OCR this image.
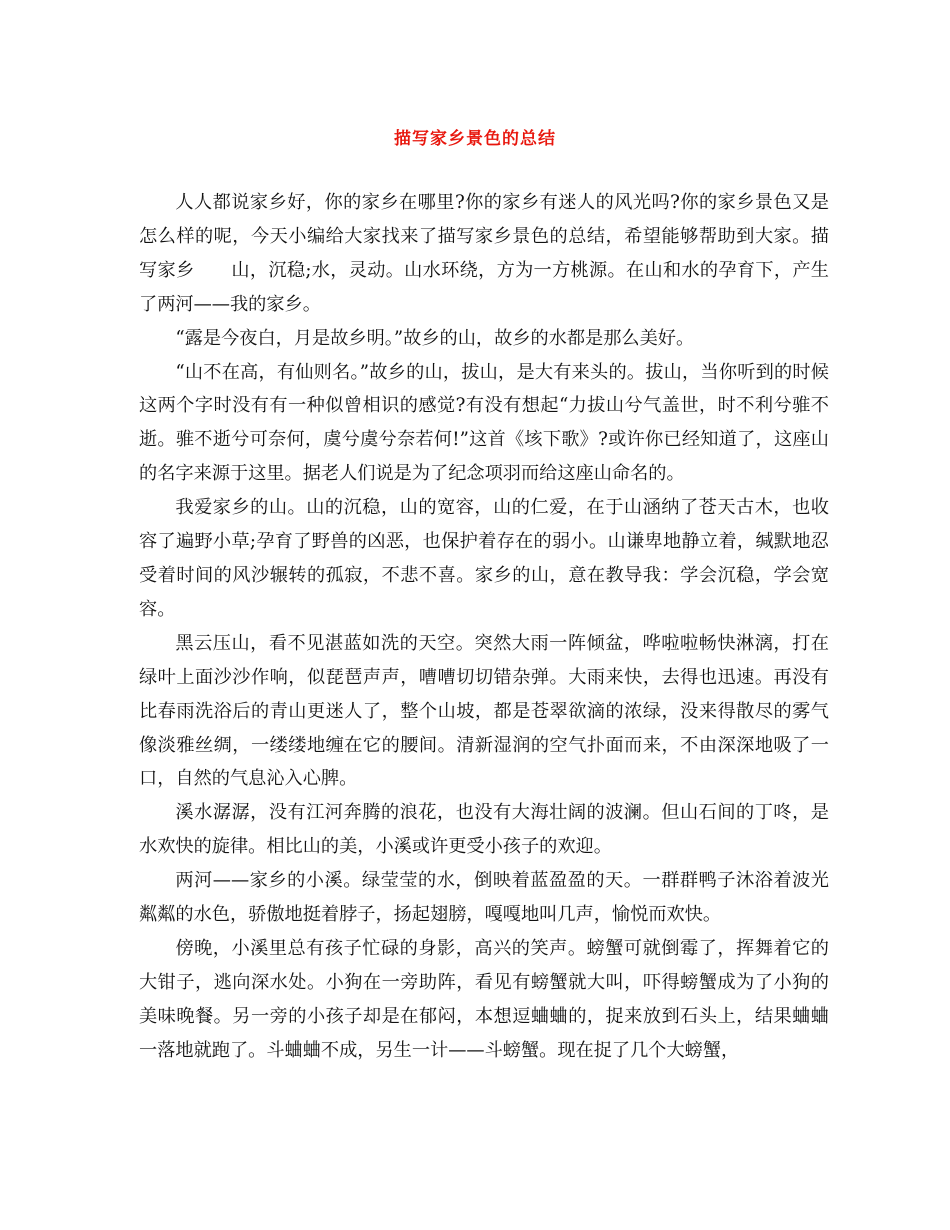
描写家乡景色的总结

人人都说家乡好，你的家乡在哪里?你的家乡有迷人的风光吗?你的家乡景色又是怎么样的呢，今天小编给大家找来了描写家乡景色的总结，希望能够帮助到大家。描写家乡　　山，沉稳;水，灵动。山水环绕，方为一方桃源。在山和水的孕育下，产生了两河——我的家乡。

“露是今夜白，月是故乡明。”故乡的山，故乡的水都是那么美好。

“山不在高，有仙则名。”故乡的山，拔山，是大有来头的。拔山，当你听到的时候这两个字时没有有一种似曾相识的感觉?有没有想起“力拔山兮气盖世，时不利兮骓不逝。骓不逝兮可奈何，虞兮虞兮奈若何!”这首《垓下歌》?或许你已经知道了，这座山的名字来源于这里。据老人们说是为了纪念项羽而给这座山命名的。

我爱家乡的山。山的沉稳，山的宽容，山的仁爱，在于山涵纳了苍天古木，也收容了遍野小草;孕育了野兽的凶恶，也保护着存在的弱小。山谦卑地静立着，缄默地忍受着时间的风沙辗转的孤寂，不悲不喜。家乡的山，意在教导我：学会沉稳，学会宽容。

黑云压山，看不见湛蓝如洗的天空。突然大雨一阵倾盆，哗啦啦畅快淋漓，打在绿叶上面沙沙作响，似琵琶声声，嘈嘈切切错杂弹。大雨来快，去得也迅速。再没有比春雨洗浴后的青山更迷人了，整个山坡，都是苍翠欲滴的浓绿，没来得散尽的雾气像淡雅丝绸，一缕缕地缠在它的腰间。清新湿润的空气扑面而来，不由深深地吸了一口，自然的气息沁入心脾。

溪水潺潺，没有江河奔腾的浪花，也没有大海壮阔的波澜。但山石间的丁咚，是水欢快的旋律。相比山的美，小溪或许更受小孩子的欢迎。

两河——家乡的小溪。绿莹莹的水，倒映着蓝盈盈的天。一群群鸭子沐浴着波光粼粼的水色，骄傲地挺着脖子，扬起翅膀，嘎嘎地叫几声，愉悦而欢快。

傍晚，小溪里总有孩子忙碌的身影，高兴的笑声。螃蟹可就倒霉了，挥舞着它的大钳子，逃向深水处。小狗在一旁助阵，看见有螃蟹就大叫，吓得螃蟹成为了小狗的美味晚餐。另一旁的小孩子却是在郁闷，本想逗蛐蛐的，捉来放到石头上，结果蛐蛐一落地就跑了。斗蛐蛐不成，另生一计——斗螃蟹。现在捉了几个大螃蟹，
